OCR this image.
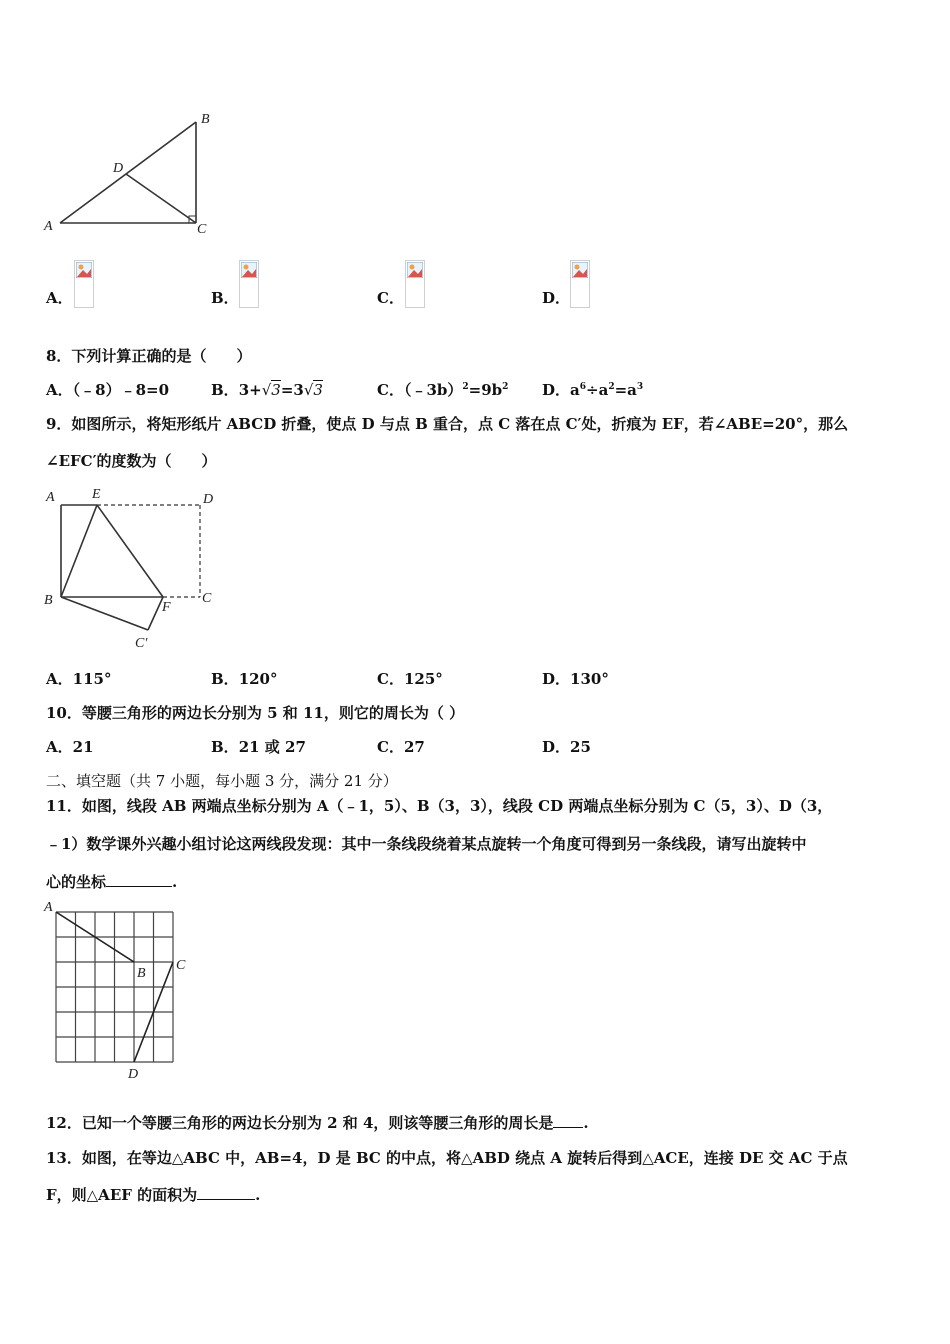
A
B
C
D
A．	B．	C．	D．
8．下列计算正确的是（　　）
A．（﹣8）﹣8=0	B．3+√3=3√3	C．$(﹣3b)^2=9b^2$ D．$a^6\div a^2=a^3$
9．如图所示，将矩形纸片 ABCD 折叠，使点 D 与点 B 重合，点 C 落在点 C′处，折痕为 EF，若∠ABE=20°，那么
∠EFC′的度数为（　　）
A	E	D
B	F
C
C′
A．115°	B．120°	C．125°	D．130°
10．等腰三角形的两边长分别为 5 和 11，则它的周长为（ ）
A．21	B．21 或 27	C．27	D．25
二、填空题（共 7 小题，每小题 3 分，满分 21 分）
11．如图，线段 AB 两端点坐标分别为 A（﹣1，5）、B（3，3），线段 CD 两端点坐标分别为 C（5，3）、D（3，
﹣1）数学课外兴趣小组讨论这两线段发现：其中一条线段绕着某点旋转一个角度可得到另一条线段，请写出旋转中
心的坐标	.
A
B
C
D
12．已知一个等腰三角形的两边长分别为 2 和 4，则该等腰三角形的周长是 .
13．如图，在等边△ABC 中，AB=4，D 是 BC 的中点，将△ABD 绕点 A 旋转后得到△ACE，连接 DE 交 AC 于点
F，则△AEF 的面积为	.
